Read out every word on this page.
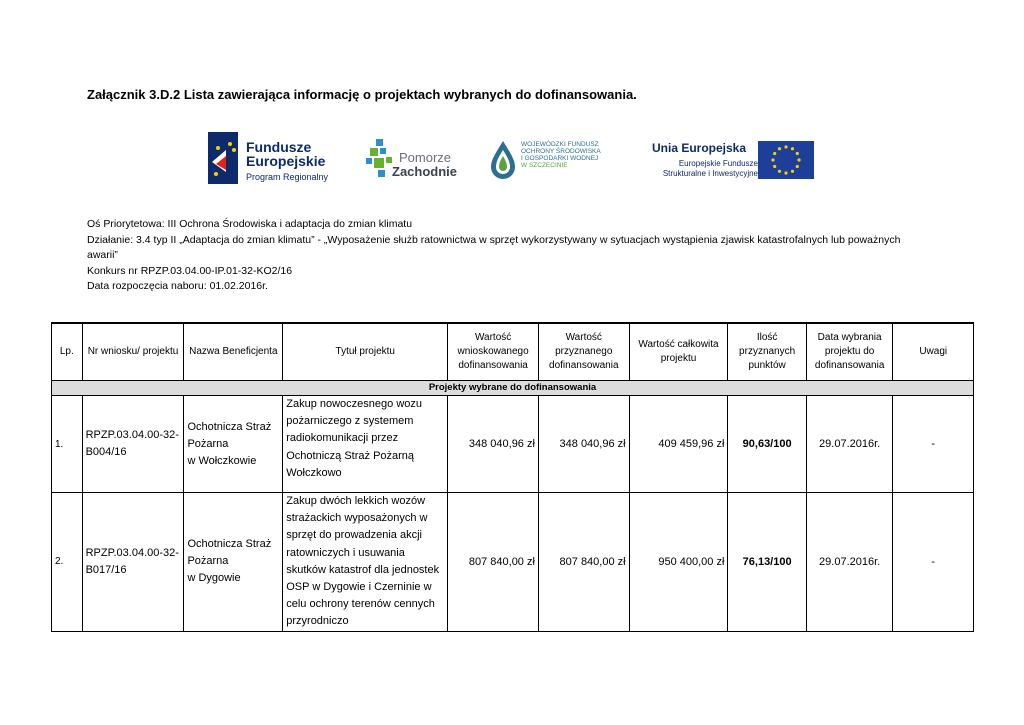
Załącznik 3.D.2 Lista zawierająca informację o projektach wybranych do dofinansowania.
Fundusze
Europejskie
Program Regionalny
Pomorze
Zachodnie
WOJEWÓDZKI FUNDUSZ
OCHRONY ŚRODOWISKA
I GOSPODARKI WODNEJ
W SZCZECINIE
Unia Europejska
Europejskie Fundusze
Strukturalne i Inwestycyjne

Oś Priorytetowa: III Ochrona Środowiska i adaptacja do zmian klimatu

Działanie: 3.4 typ II „Adaptacja do zmian klimatu” - „Wyposażenie służb ratownictwa w sprzęt wykorzystywany w sytuacjach wystąpienia zjawisk katastrofalnych lub poważnych awarii”

Konkurs nr RPZP.03.04.00-IP.01-32-KO2/16

Data rozpoczęcia naboru: 01.02.2016r.

Lp.	Nr wniosku/ projektu	Nazwa Beneficjenta	Tytuł projektu	Wartość wnioskowanego dofinansowania	Wartość przyznanego dofinansowania	Wartość całkowita projektu	Ilość przyznanych punktów	Data wybrania projektu do dofinansowania	Uwagi
Projekty wybrane do dofinansowania									
1.	RPZP.03.04.00-32-B004/16	Ochotnicza Straż Pożarna
w Wołczkowie	Zakup nowoczesnego wozu pożarniczego z systemem radiokomunikacji przez Ochotniczą Straż Pożarną Wołczkowo	348 040,96 zł	348 040,96 zł	409 459,96 zł	90,63/100	29.07.2016r.	-
2.	RPZP.03.04.00-32-B017/16	Ochotnicza Straż Pożarna
w Dygowie	Zakup dwóch lekkich wozów strażackich wyposażonych w sprzęt do prowadzenia akcji ratowniczych i usuwania skutków katastrof dla jednostek OSP w Dygowie i Czerninie w celu ochrony terenów cennych przyrodniczo	807 840,00 zł	807 840,00 zł	950 400,00 zł	76,13/100	29.07.2016r.	-
